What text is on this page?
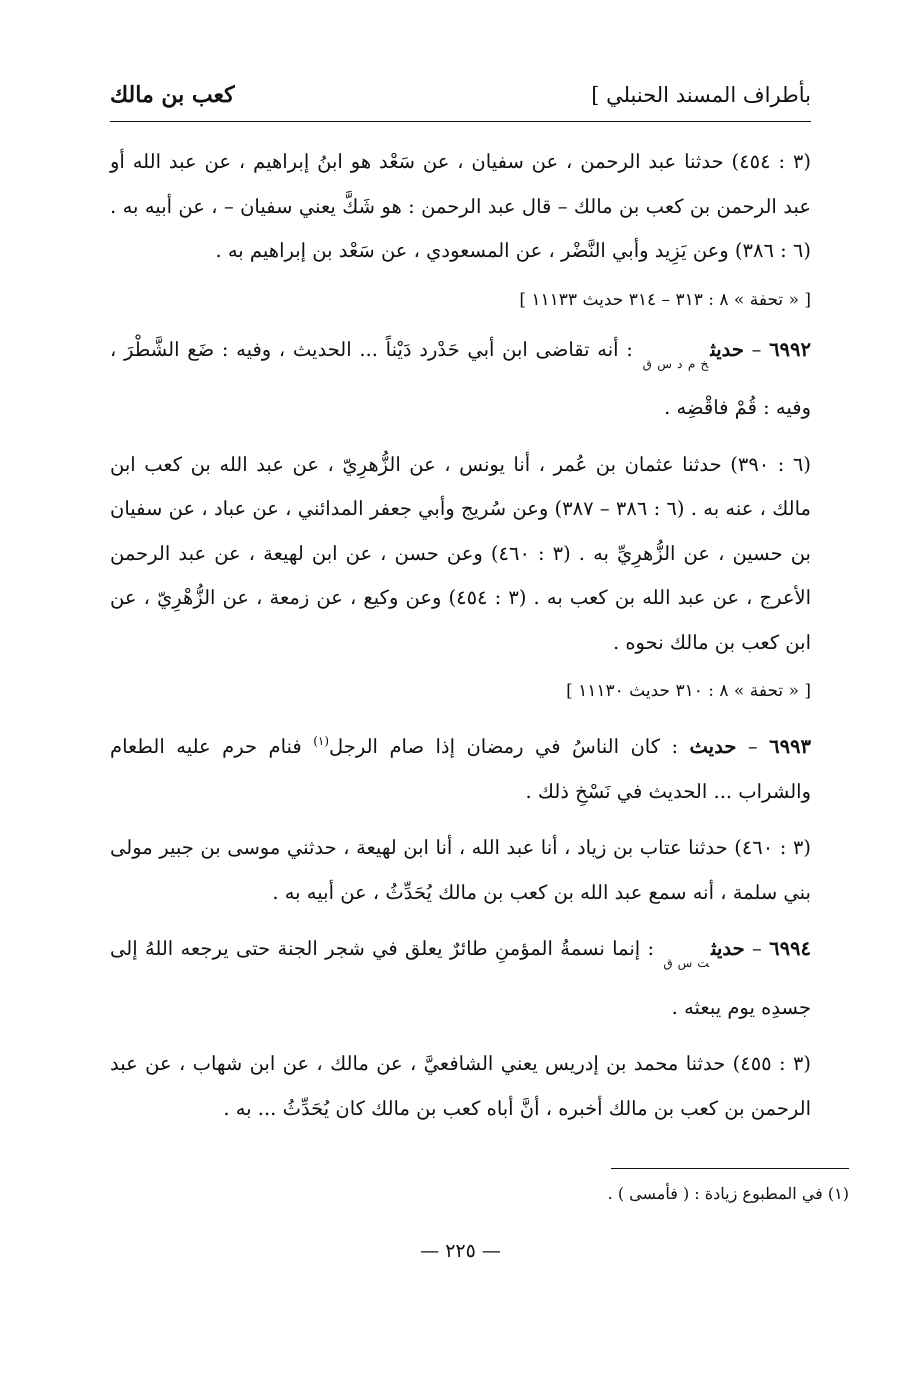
بأطراف المسند الحنبلي ]
كعب بن مالك

(٣ : ٤٥٤) حدثنا عبد الرحمن ، عن سفيان ، عن سَعْد هو ابنُ إبراهيم ، عن عبد الله أو عبد الرحمن بن كعب بن مالك – قال عبد الرحمن : هو شَكَّ يعني سفيان – ، عن أبيه به . (٦ : ٣٨٦) وعن يَزِيد وأبي النَّضْر ، عن المسعودي ، عن سَعْد بن إبراهيم به .

[ « تحفة » ٨ : ٣١٣ – ٣١٤ حديث ١١١٣٣ ]

٦٩٩٢ – حديث$_{خ م د س ق}$ : أنه تقاضى ابن أبي حَدْرد دَيْناً ... الحديث ، وفيه : ضَع الشَّطْرَ ، وفيه : قُمْ فاقْضِه .

(٦ : ٣٩٠) حدثنا عثمان بن عُمر ، أنا يونس ، عن الزُّهرِيّ ، عن عبد الله بن كعب ابن مالك ، عنه به . (٦ : ٣٨٦ – ٣٨٧) وعن سُريج وأبي جعفر المدائني ، عن عباد ، عن سفيان بن حسين ، عن الزُّهرِيِّ به . (٣ : ٤٦٠) وعن حسن ، عن ابن لهيعة ، عن عبد الرحمن الأعرج ، عن عبد الله بن كعب به . (٣ : ٤٥٤) وعن وكيع ، عن زمعة ، عن الزُّهْرِيّ ، عن ابن كعب بن مالك نحوه .

[ « تحفة » ٨ : ٣١٠ حديث ١١١٣٠ ]

٦٩٩٣ – حديث : كان الناسُ في رمضان إذا صام الرجل$^{(١)}$ فنام حرم عليه الطعام والشراب ... الحديث في نَسْخِ ذلك .

(٣ : ٤٦٠) حدثنا عتاب بن زياد ، أنا عبد الله ، أنا ابن لهيعة ، حدثني موسى بن جبير مولى بني سلمة ، أنه سمع عبد الله بن كعب بن مالك يُحَدِّثُ ، عن أبيه به .

٦٩٩٤ – حديث$_{ت س ق}$ : إنما نسمةُ المؤمنِ طائرٌ يعلق في شجر الجنة حتى يرجعه اللهُ إلى جسدِه يوم يبعثه .

(٣ : ٤٥٥) حدثنا محمد بن إدريس يعني الشافعيَّ ، عن مالك ، عن ابن شهاب ، عن عبد الرحمن بن كعب بن مالك أخبره ، أنَّ أباه كعب بن مالك كان يُحَدِّثُ ... به .

(١) في المطبوع زيادة : ( فأمسى ) .
— ٢٢٥ —
